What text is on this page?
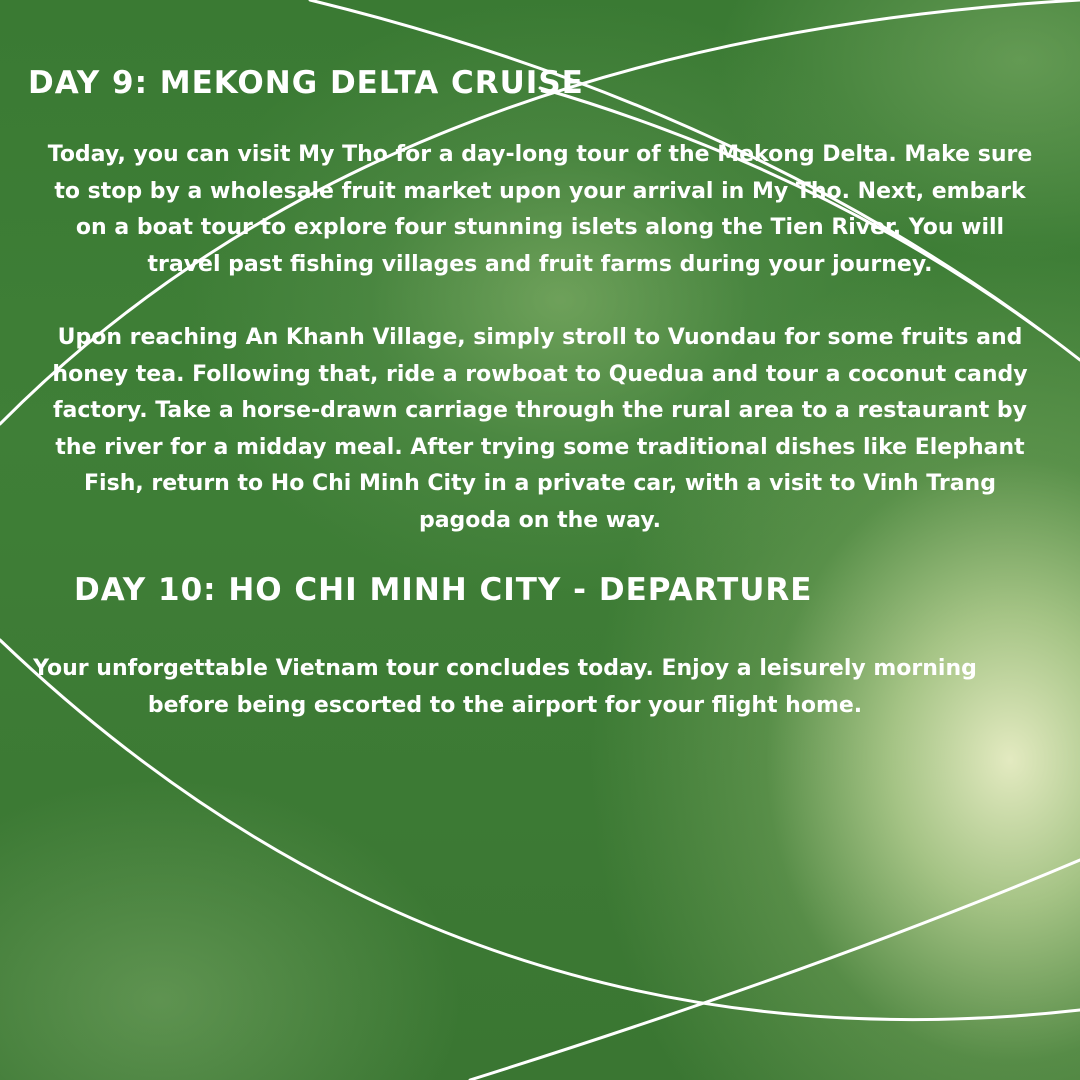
DAY 9: MEKONG DELTA CRUISE

Today, you can visit My Tho for a day-long tour of the Mekong Delta. Make sure to stop by a wholesale fruit market upon your arrival in My Tho. Next, embark on a boat tour to explore four stunning islets along the Tien River. You will travel past fishing villages and fruit farms during your journey.

Upon reaching An Khanh Village, simply stroll to Vuondau for some fruits and honey tea. Following that, ride a rowboat to Quedua and tour a coconut candy factory. Take a horse-drawn carriage through the rural area to a restaurant by the river for a midday meal. After trying some traditional dishes like Elephant Fish, return to Ho Chi Minh City in a private car, with a visit to Vinh Trang pagoda on the way.

DAY 10: HO CHI MINH CITY - DEPARTURE

Your unforgettable Vietnam tour concludes today. Enjoy a leisurely morning before being escorted to the airport for your flight home.
